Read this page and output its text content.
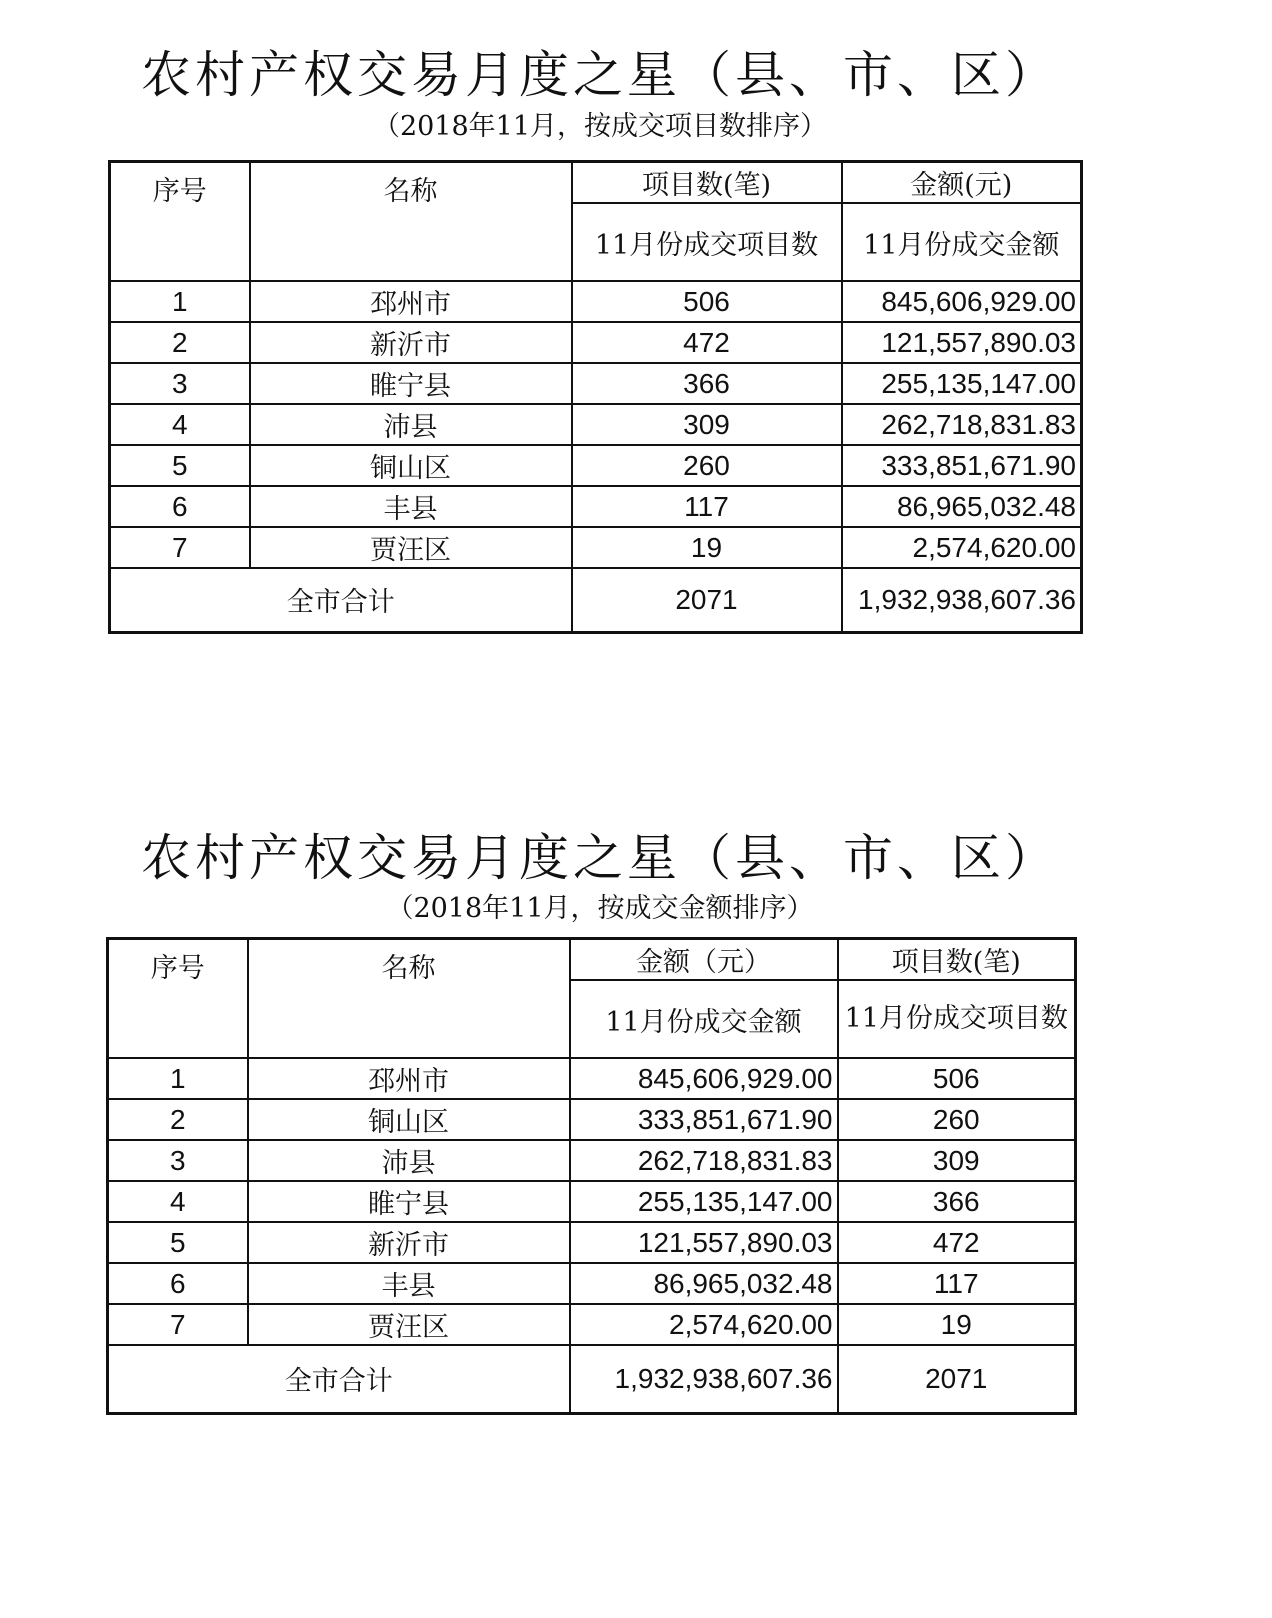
农村产权交易月度之星（县、市、区）
（2018年11月，按成交项目数排序）
序号	名称	项目数(笔)	金额(元)
		11月份成交项目数	11月份成交金额
1	邳州市	506	845,606,929.00
2	新沂市	472	121,557,890.03
3	睢宁县	366	255,135,147.00
4	沛县	309	262,718,831.83
5	铜山区	260	333,851,671.90
6	丰县	117	86,965,032.48
7	贾汪区	19	2,574,620.00
全市合计		2071	1,932,938,607.36
农村产权交易月度之星（县、市、区）
（2018年11月，按成交金额排序）
序号	名称	金额（元）	项目数(笔)
		11月份成交金额	11月份成交项目数
1	邳州市	845,606,929.00	506
2	铜山区	333,851,671.90	260
3	沛县	262,718,831.83	309
4	睢宁县	255,135,147.00	366
5	新沂市	121,557,890.03	472
6	丰县	86,965,032.48	117
7	贾汪区	2,574,620.00	19
全市合计		1,932,938,607.36	2071
